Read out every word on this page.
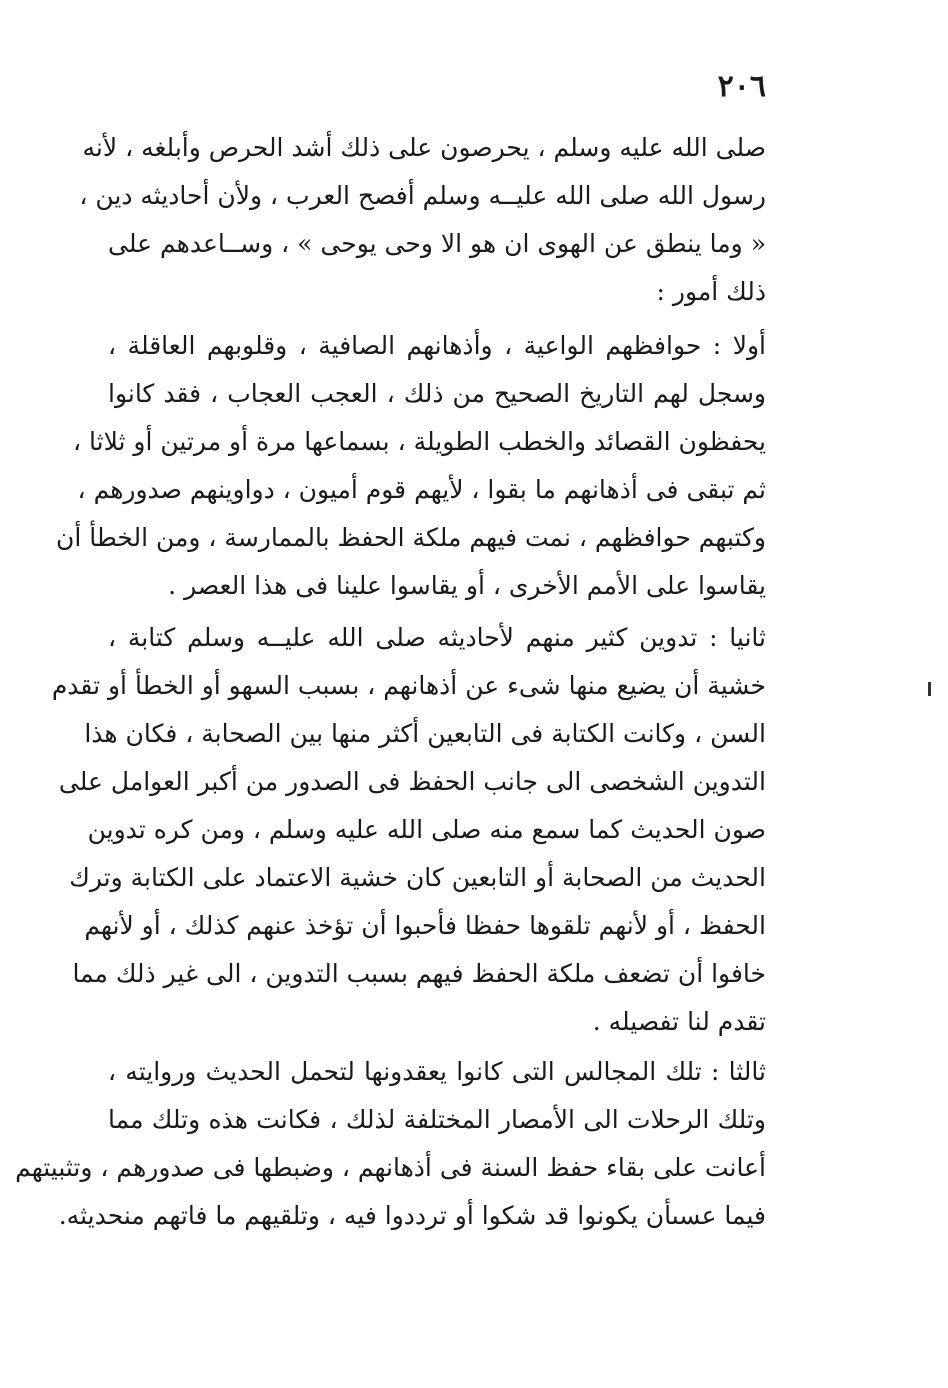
٢٠٦
صلى الله عليه وسلم ، يحرصون على ذلك أشد الحرص وأبلغه ، لأنه
رسول الله صلى الله عليــه وسلم أفصح العرب ، ولأن أحاديثه دين ،
« وما ينطق عن الهوى ان هو الا وحى يوحى » ، وســاعدهم على
ذلك أمور :
أولا : حوافظهم الواعية ، وأذهانهم الصافية ، وقلوبهم العاقلة ،
وسجل لهم التاريخ الصحيح من ذلك ، العجب العجاب ، فقد كانوا
يحفظون القصائد والخطب الطويلة ، بسماعها مرة أو مرتين أو ثلاثا ،
ثم تبقى فى أذهانهم ما بقوا ، لأيهم قوم أميون ، دواوينهم صدورهم ،
وكتبهم حوافظهم ، نمت فيهم ملكة الحفظ بالممارسة ، ومن الخطأ أن
يقاسوا على الأمم الأخرى ، أو يقاسوا علينا فى هذا العصر .
ثانيا : تدوين كثير منهم لأحاديثه صلى الله عليــه وسلم كتابة ،
خشية أن يضيع منها شىء عن أذهانهم ، بسبب السهو أو الخطأ أو تقدم
السن ، وكانت الكتابة فى التابعين أكثر منها بين الصحابة ، فكان هذا
التدوين الشخصى الى جانب الحفظ فى الصدور من أكبر العوامل على
صون الحديث كما سمع منه صلى الله عليه وسلم ، ومن كره تدوين
الحديث من الصحابة أو التابعين كان خشية الاعتماد على الكتابة وترك
الحفظ ، أو لأنهم تلقوها حفظا فأحبوا أن تؤخذ عنهم كذلك ، أو لأنهم
خافوا أن تضعف ملكة الحفظ فيهم بسبب التدوين ، الى غير ذلك مما
تقدم لنا تفصيله .
ثالثا : تلك المجالس التى كانوا يعقدونها لتحمل الحديث وروايته ،
وتلك الرحلات الى الأمصار المختلفة لذلك ، فكانت هذه وتلك مما
أعانت على بقاء حفظ السنة فى أذهانهم ، وضبطها فى صدورهم ، وتثبيتهم
فيما عسىأن يكونوا قد شكوا أو ترددوا فيه ، وتلقيهم ما فاتهم منحديثه.
